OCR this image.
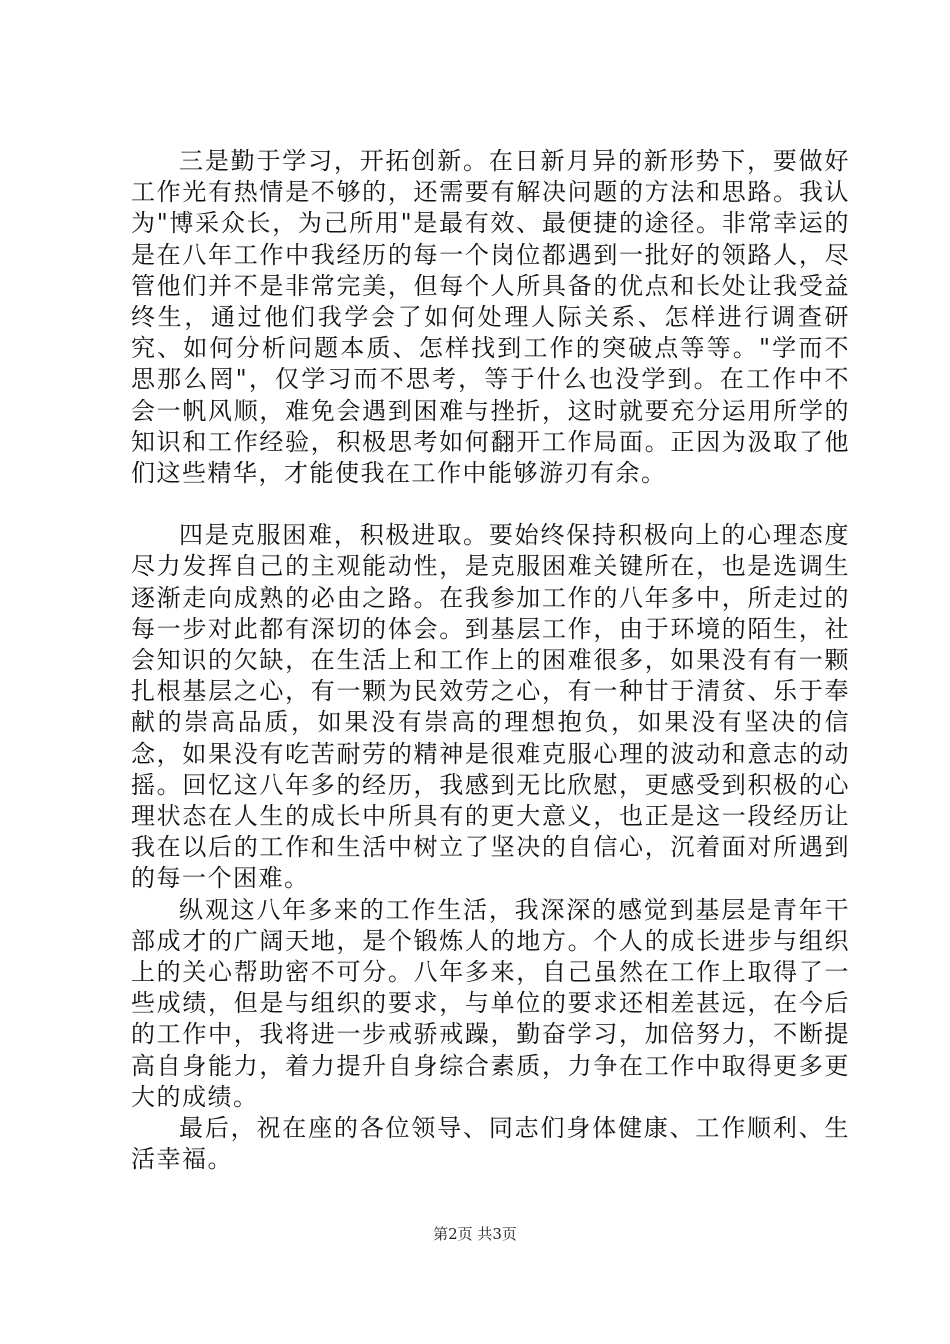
三是勤于学习，开拓创新。在日新月异的新形势下，要做好工作光有热情是不够的，还需要有解决问题的方法和思路。我认为"博采众长，为己所用"是最有效、最便捷的途径。非常幸运的是在八年工作中我经历的每一个岗位都遇到一批好的领路人，尽管他们并不是非常完美，但每个人所具备的优点和长处让我受益终生，通过他们我学会了如何处理人际关系、怎样进行调查研究、如何分析问题本质、怎样找到工作的突破点等等。"学而不思那么罔"，仅学习而不思考，等于什么也没学到。在工作中不会一帆风顺，难免会遇到困难与挫折，这时就要充分运用所学的知识和工作经验，积极思考如何翻开工作局面。正因为汲取了他们这些精华，才能使我在工作中能够游刃有余。

四是克服困难，积极进取。要始终保持积极向上的心理态度尽力发挥自己的主观能动性，是克服困难关键所在，也是选调生逐渐走向成熟的必由之路。在我参加工作的八年多中，所走过的每一步对此都有深切的体会。到基层工作，由于环境的陌生，社会知识的欠缺，在生活上和工作上的困难很多，如果没有有一颗扎根基层之心，有一颗为民效劳之心，有一种甘于清贫、乐于奉献的崇高品质，如果没有崇高的理想抱负，如果没有坚决的信念，如果没有吃苦耐劳的精神是很难克服心理的波动和意志的动摇。回忆这八年多的经历，我感到无比欣慰，更感受到积极的心理状态在人生的成长中所具有的更大意义，也正是这一段经历让我在以后的工作和生活中树立了坚决的自信心，沉着面对所遇到的每一个困难。

纵观这八年多来的工作生活，我深深的感觉到基层是青年干部成才的广阔天地，是个锻炼人的地方。个人的成长进步与组织上的关心帮助密不可分。八年多来，自己虽然在工作上取得了一些成绩，但是与组织的要求，与单位的要求还相差甚远，在今后的工作中，我将进一步戒骄戒躁，勤奋学习，加倍努力，不断提高自身能力，着力提升自身综合素质，力争在工作中取得更多更大的成绩。

最后，祝在座的各位领导、同志们身体健康、工作顺利、生活幸福。

第2页 共3页
